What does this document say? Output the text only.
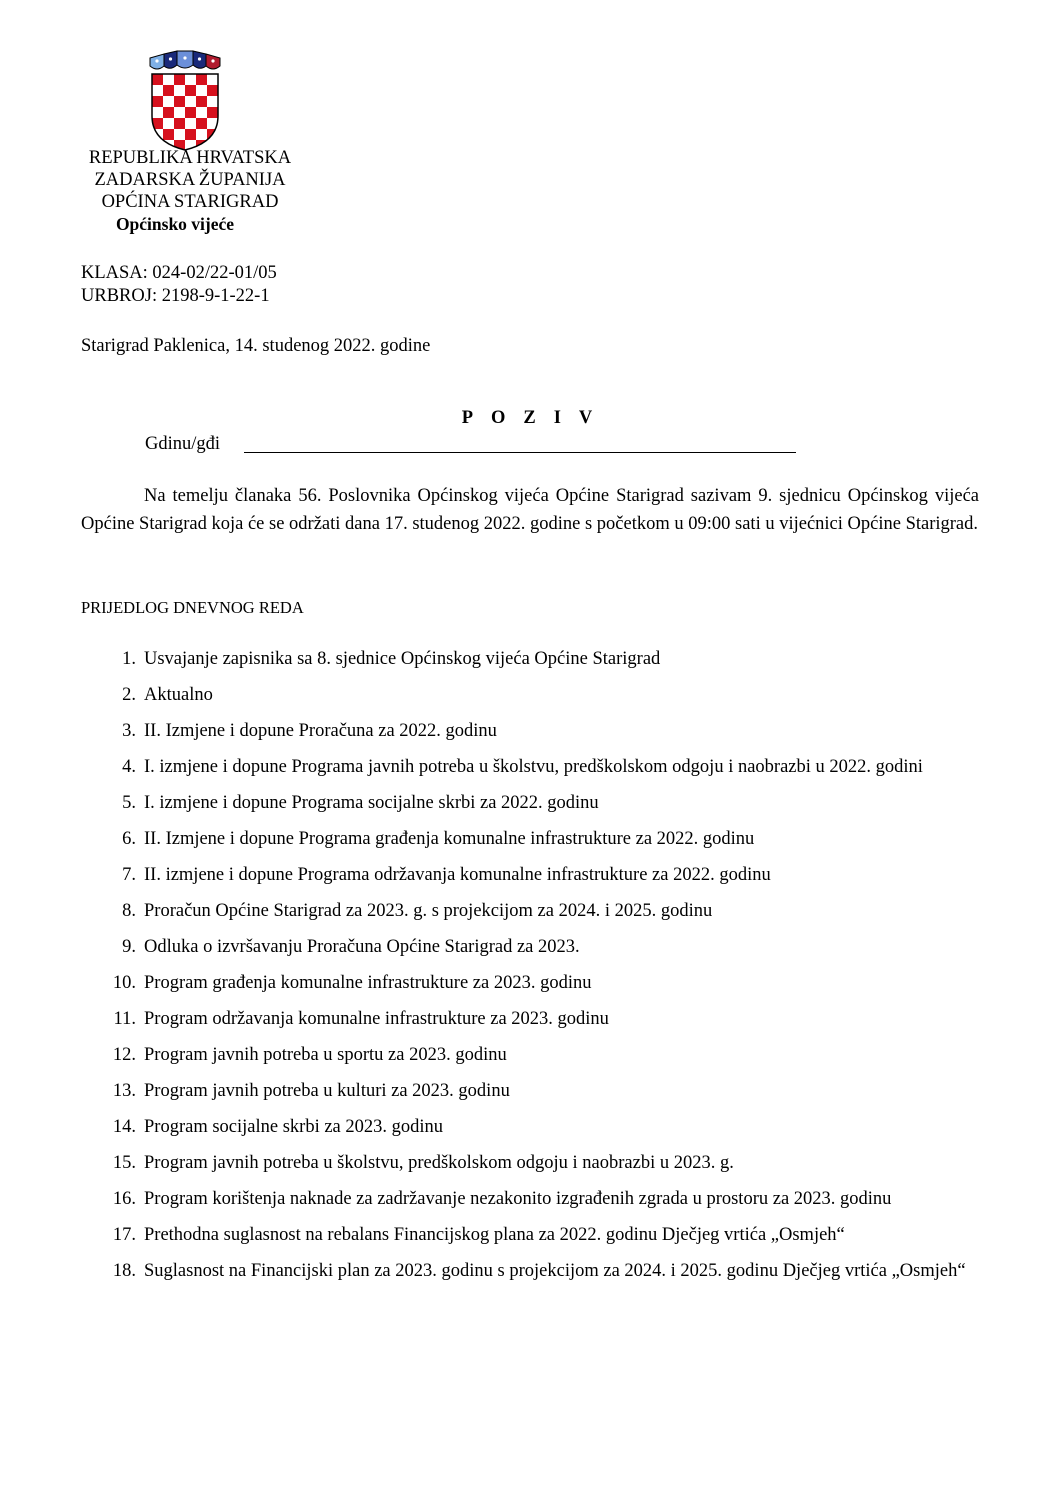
REPUBLIKA HRVATSKA
ZADARSKA ŽUPANIJA
OPĆINA STARIGRAD
Općinsko vijeće
KLASA: 024-02/22-01/05
URBROJ: 2198-9-1-22-1
Starigrad Paklenica, 14. studenog 2022. godine
POZIV
Gdinu/gđi
Na temelju članaka 56. Poslovnika Općinskog vijeća Općine Starigrad sazivam 9. sjednicu Općinskog vijeća Općine Starigrad koja će se održati dana 17. studenog 2022. godine s početkom u 09:00 sati u vijećnici Općine Starigrad.
PRIJEDLOG DNEVNOG REDA
1. Usvajanje zapisnika sa 8. sjednice Općinskog vijeća Općine Starigrad
2. Aktualno
3. II. Izmjene i dopune Proračuna za 2022. godinu
4. I. izmjene i dopune Programa javnih potreba u školstvu, predškolskom odgoju i naobrazbi u 2022. godini
5. I. izmjene i dopune Programa socijalne skrbi za 2022. godinu
6. II. Izmjene i dopune Programa građenja komunalne infrastrukture za 2022. godinu
7. II. izmjene i dopune Programa održavanja komunalne infrastrukture za 2022. godinu
8. Proračun Općine Starigrad za 2023. g. s projekcijom za 2024. i 2025. godinu
9. Odluka o izvršavanju Proračuna Općine Starigrad za 2023.
10. Program građenja komunalne infrastrukture za 2023. godinu
11. Program održavanja komunalne infrastrukture za 2023. godinu
12. Program javnih potreba u sportu za 2023. godinu
13. Program javnih potreba u kulturi za 2023. godinu
14. Program socijalne skrbi za 2023. godinu
15. Program javnih potreba u školstvu, predškolskom odgoju i naobrazbi u 2023. g.
16. Program korištenja naknade za zadržavanje nezakonito izgrađenih zgrada u prostoru za 2023. godinu
17. Prethodna suglasnost na rebalans Financijskog plana za 2022. godinu Dječjeg vrtića „Osmjeh“
18. Suglasnost na Financijski plan za 2023. godinu s projekcijom za 2024. i 2025. godinu Dječjeg vrtića „Osmjeh“
